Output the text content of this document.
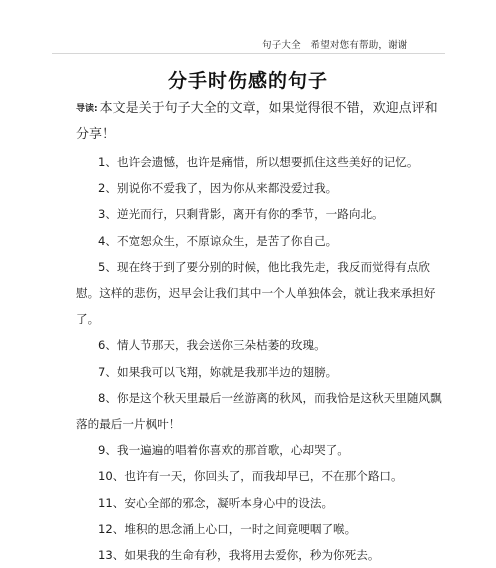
句子大全　希望对您有帮助，谢谢
分手时伤感的句子
导读: 本文是关于句子大全的文章，如果觉得很不错，欢迎点评和分享！

1、也许会遗憾，也许是痛惜，所以想要抓住这些美好的记忆。

2、别说你不爱我了，因为你从来都没爱过我。

3、逆光而行，只剩背影，离开有你的季节，一路向北。

4、不宽恕众生，不原谅众生，是苦了你自己。

5、现在终于到了要分别的时候，他比我先走，我反而觉得有点欣慰。这样的悲伤，迟早会让我们其中一个人单独体会，就让我来承担好了。

6、情人节那天，我会送你三朵枯萎的玫瑰。

7、如果我可以飞翔，妳就是我那半边的翅膀。

8、你是这个秋天里最后一丝游离的秋风，而我恰是这秋天里随风飘落的最后一片枫叶！

9、我一遍遍的唱着你喜欢的那首歌，心却哭了。

10、也许有一天，你回头了，而我却早已，不在那个路口。

11、安心全部的邪念，凝听本身心中的设法。

12、堆积的思念涌上心口，一时之间竟哽咽了喉。

13、如果我的生命有秒，我将用去爱你，秒为你死去。
